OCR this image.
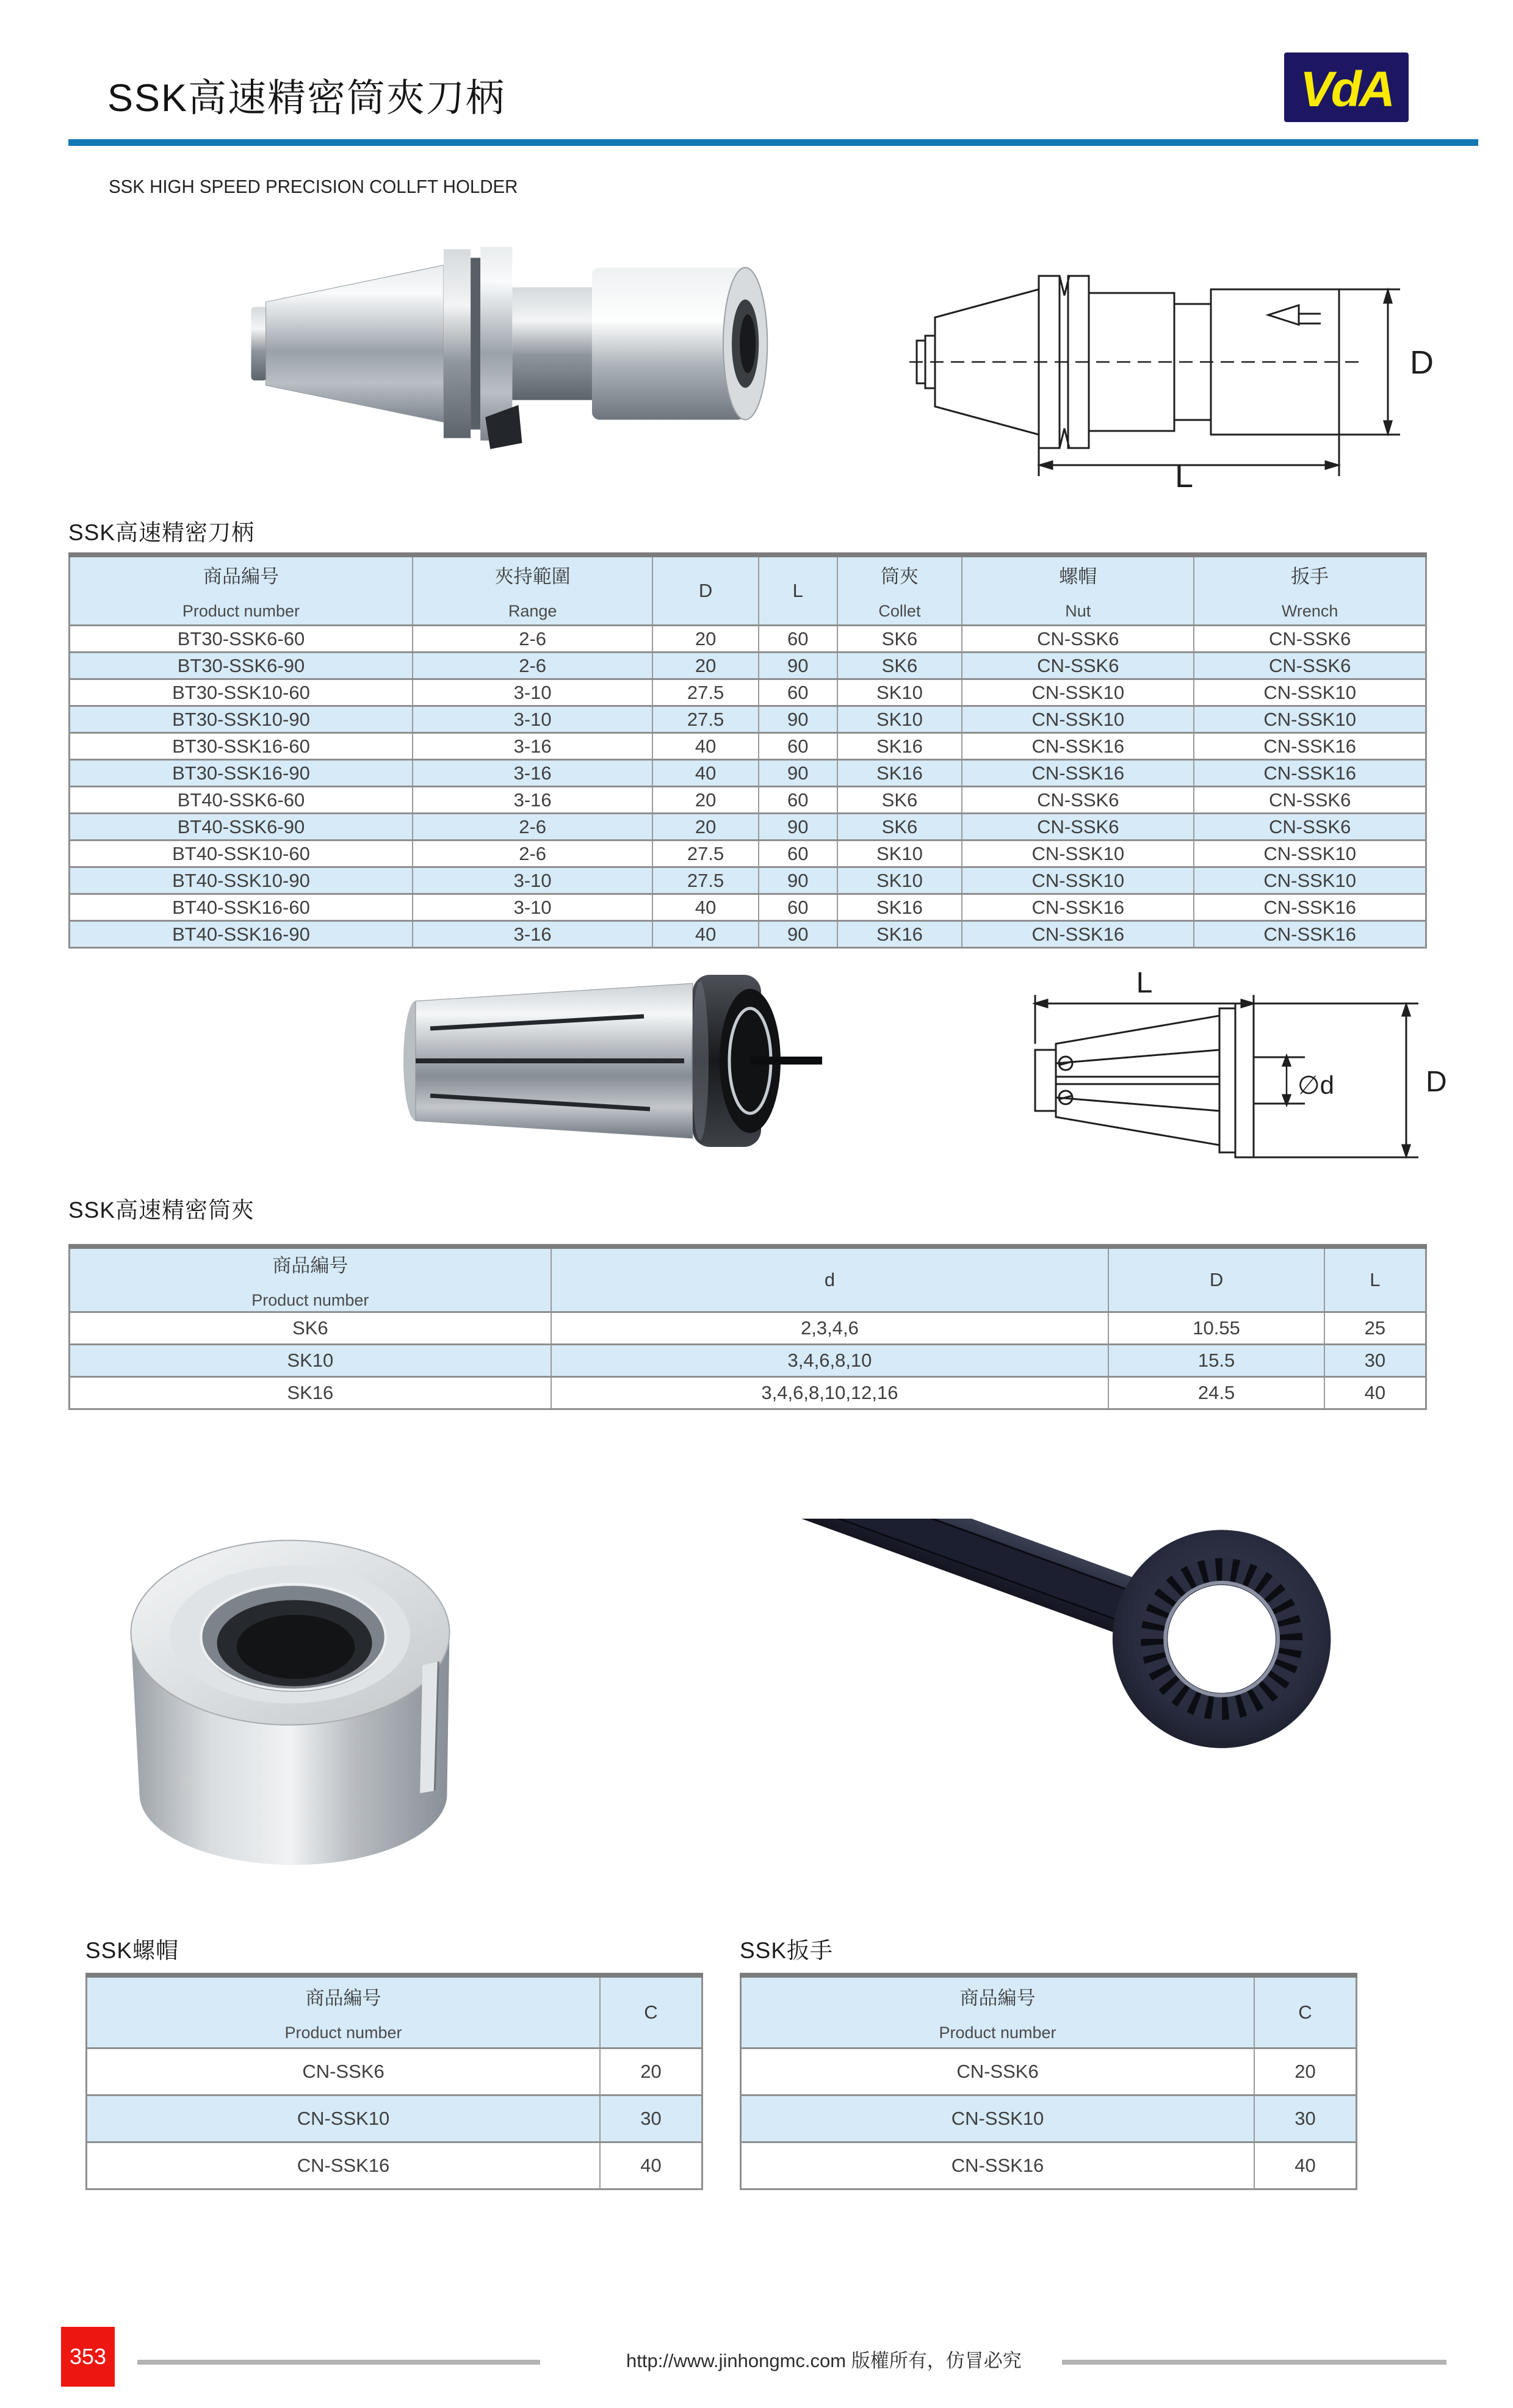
SSK高速精密筒夾刀柄	VdA
SSK HIGH SPEED PRECISION COLLFT HOLDER
D
L
SSK高速精密刀柄
商品編号
Product number

夾持範圍
Range

D	L

筒夾
Collet

螺帽
Nut

扳手
Wrench

BT30-SSK6-60	2-6	20	60	SK6	CN-SSK6	CN-SSK6
BT30-SSK6-90	2-6	20	90	SK6	CN-SSK6	CN-SSK6
BT30-SSK10-60	3-10	27.5	60	SK10	CN-SSK10	CN-SSK10
BT30-SSK10-90	3-10	27.5	90	SK10	CN-SSK10	CN-SSK10
BT30-SSK16-60	3-16	40	60	SK16	CN-SSK16	CN-SSK16
BT30-SSK16-90	3-16	40	90	SK16	CN-SSK16	CN-SSK16
BT40-SSK6-60	3-16	20	60	SK6	CN-SSK6	CN-SSK6
BT40-SSK6-90	2-6	20	90	SK6	CN-SSK6	CN-SSK6
BT40-SSK10-60	2-6	27.5	60	SK10	CN-SSK10	CN-SSK10
BT40-SSK10-90	3-10	27.5	90	SK10	CN-SSK10	CN-SSK10
BT40-SSK16-60	3-10	40	60	SK16	CN-SSK16	CN-SSK16
BT40-SSK16-90	3-16	40	90	SK16	CN-SSK16	CN-SSK16
L
∅d	D
SSK高速精密筒夾
商品編号
Product number	d	D	L

SK6	2,3,4,6	10.55	25
SK10	3,4,6,8,10	15.5	30
SK16	3,4,6,8,10,12,16	24.5	40
SSK螺帽
商品編号
Product number	C

CN-SSK6	20
CN-SSK10	30
CN-SSK16	40
SSK扳手
商品編号
Product number	C

CN-SSK6	20
CN-SSK10	30
CN-SSK16	40
353	http://www.jinhongmc.com 版權所有，仿冒必究
